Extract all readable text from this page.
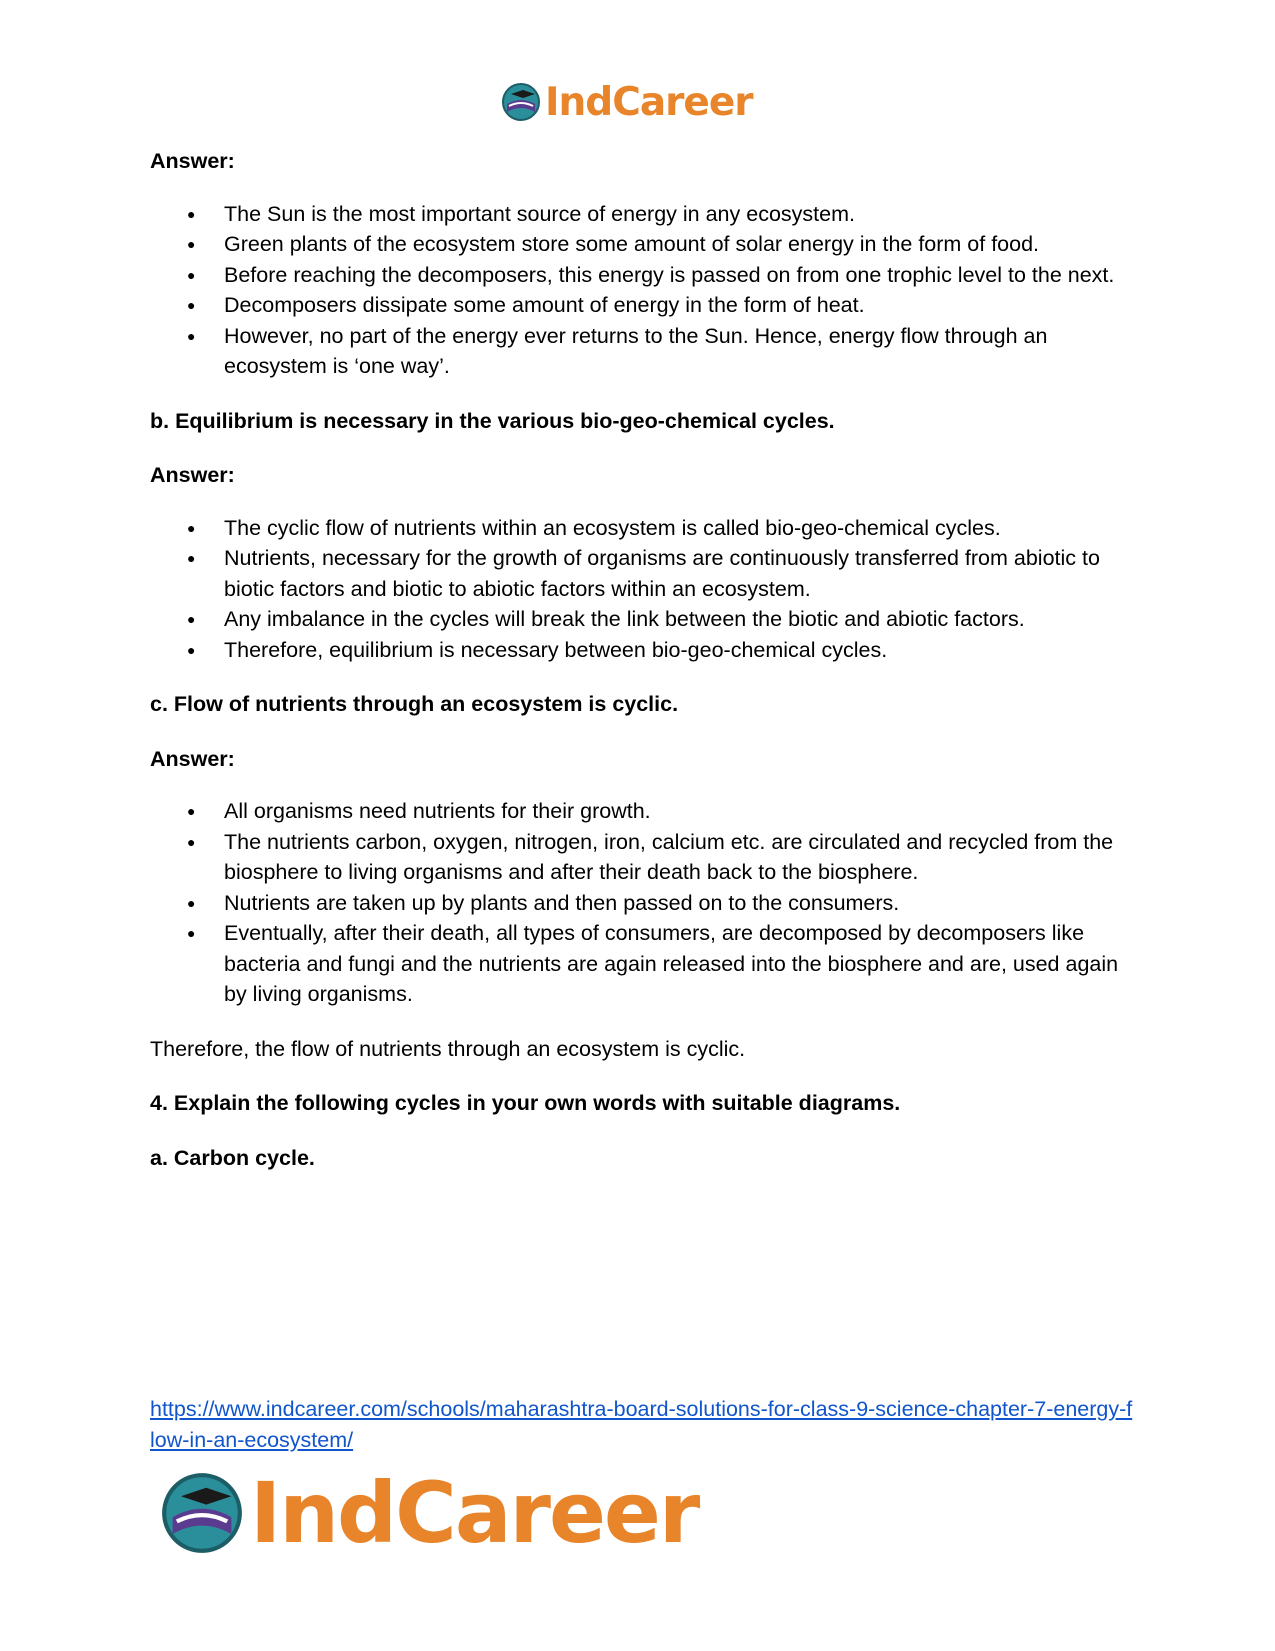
IndCareer

Answer:

● The Sun is the most important source of energy in any ecosystem.
● Green plants of the ecosystem store some amount of solar energy in the form of food.
● Before reaching the decomposers, this energy is passed on from one trophic level to the next.
● Decomposers dissipate some amount of energy in the form of heat.
● However, no part of the energy ever returns to the Sun. Hence, energy flow through an ecosystem is ‘one way’.

b. Equilibrium is necessary in the various bio-geo-chemical cycles.

Answer:

● The cyclic flow of nutrients within an ecosystem is called bio-geo-chemical cycles.
● Nutrients, necessary for the growth of organisms are continuously transferred from abiotic to biotic factors and biotic to abiotic factors within an ecosystem.
● Any imbalance in the cycles will break the link between the biotic and abiotic factors.
● Therefore, equilibrium is necessary between bio-geo-chemical cycles.

c. Flow of nutrients through an ecosystem is cyclic.

Answer:

● All organisms need nutrients for their growth.
● The nutrients carbon, oxygen, nitrogen, iron, calcium etc. are circulated and recycled from the biosphere to living organisms and after their death back to the biosphere.
● Nutrients are taken up by plants and then passed on to the consumers.
● Eventually, after their death, all types of consumers, are decomposed by decomposers like bacteria and fungi and the nutrients are again released into the biosphere and are, used again by living organisms.

Therefore, the flow of nutrients through an ecosystem is cyclic.

4. Explain the following cycles in your own words with suitable diagrams.

a. Carbon cycle.

https://www.indcareer.com/schools/maharashtra-board-solutions-for-class-9-science-chapter-7-energy-flow-in-an-ecosystem/
IndCareer
